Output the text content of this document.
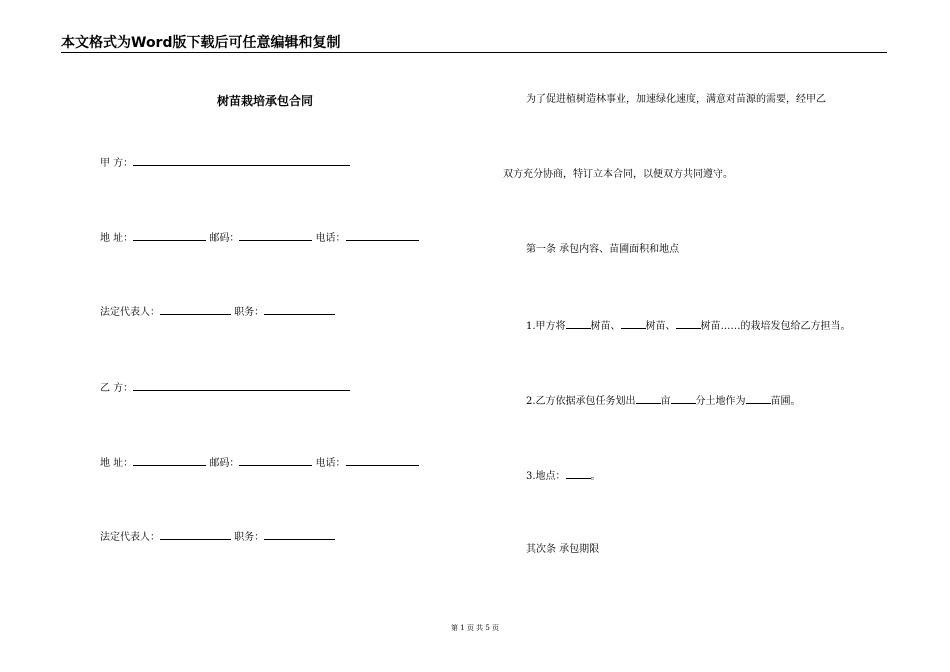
本文格式为Word版下载后可任意编辑和复制
树苗栽培承包合同
甲 方：
地 址：	邮码：	电话：
法定代表人：	职务：
乙 方：
地 址：	邮码：	电话：
法定代表人：	职务：
为了促进植树造林事业，加速绿化速度，满意对苗源的需要，经甲乙
双方充分协商，特订立本合同，以便双方共同遵守。
第一条 承包内容、苗圃面积和地点
1.甲方将	树苗、	树苗、	树苗……的栽培发包给乙方担当。
2.乙方依据承包任务划出	亩	分土地作为	苗圃。
3.地点：	。
其次条 承包期限
第 1 页 共 5 页
